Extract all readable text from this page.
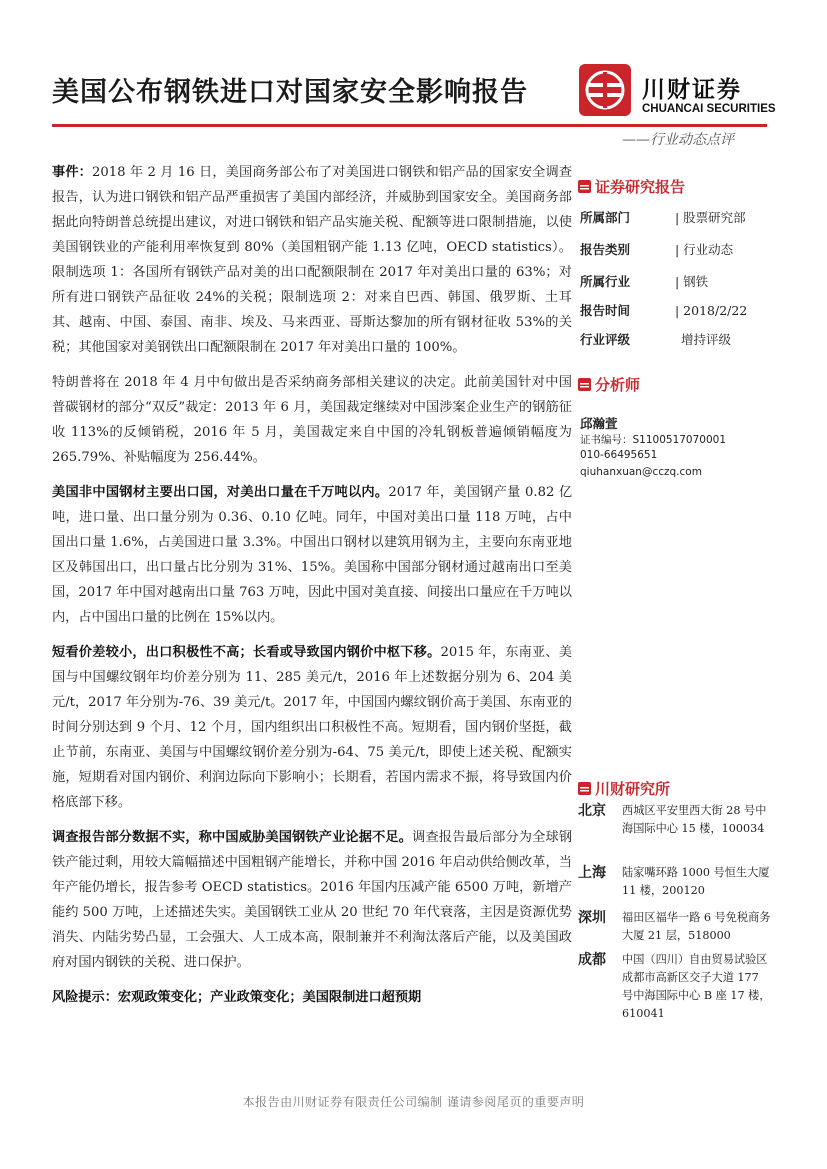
美国公布钢铁进口对国家安全影响报告	川财证券
CHUANCAI SECURITIES
——行业动态点评

事件：2018 年 2 月 16 日，美国商务部公布了对美国进口钢铁和铝产品的国家安全调查报告，认为进口钢铁和铝产品严重损害了美国内部经济，并威胁到国家安全。美国商务部据此向特朗普总统提出建议，对进口钢铁和铝产品实施关税、配额等进口限制措施，以使美国钢铁业的产能利用率恢复到 80%（美国粗钢产能 1.13 亿吨，OECD statistics）。限制选项 1：各国所有钢铁产品对美的出口配额限制在 2017 年对美出口量的 63%；对所有进口钢铁产品征收 24%的关税；限制选项 2：对来自巴西、韩国、俄罗斯、土耳其、越南、中国、泰国、南非、埃及、马来西亚、哥斯达黎加的所有钢材征收 53%的关税；其他国家对美钢铁出口配额限制在 2017 年对美出口量的 100%。

特朗普将在 2018 年 4 月中旬做出是否采纳商务部相关建议的决定。此前美国针对中国普碳钢材的部分“双反”裁定：2013 年 6 月，美国裁定继续对中国涉案企业生产的钢筋征收 113%的反倾销税，2016 年 5 月，美国裁定来自中国的冷轧钢板普遍倾销幅度为 265.79%、补贴幅度为 256.44%。

美国非中国钢材主要出口国，对美出口量在千万吨以内。2017 年，美国钢产量 0.82 亿吨，进口量、出口量分别为 0.36、0.10 亿吨。同年，中国对美出口量 118 万吨，占中国出口量 1.6%，占美国进口量 3.3%。中国出口钢材以建筑用钢为主，主要向东南亚地区及韩国出口，出口量占比分别为 31%、15%。美国称中国部分钢材通过越南出口至美国，2017 年中国对越南出口量 763 万吨，因此中国对美直接、间接出口量应在千万吨以内，占中国出口量的比例在 15%以内。

短看价差较小，出口积极性不高；长看或导致国内钢价中枢下移。2015 年，东南亚、美国与中国螺纹钢年均价差分别为 11、285 美元/t，2016 年上述数据分别为 6、204 美元/t，2017 年分别为-76、39 美元/t。2017 年，中国国内螺纹钢价高于美国、东南亚的时间分别达到 9 个月、12 个月，国内组织出口积极性不高。短期看，国内钢价坚挺，截止节前，东南亚、美国与中国螺纹钢价差分别为-64、75 美元/t，即使上述关税、配额实施，短期看对国内钢价、利润边际向下影响小；长期看，若国内需求不振，将导致国内价格底部下移。

调查报告部分数据不实，称中国威胁美国钢铁产业论据不足。调查报告最后部分为全球钢铁产能过剩，用较大篇幅描述中国粗钢产能增长，并称中国 2016 年启动供给侧改革，当年产能仍增长，报告参考 OECD statistics。2016 年国内压减产能 6500 万吨，新增产能约 500 万吨，上述描述失实。美国钢铁工业从 20 世纪 70 年代衰落，主因是资源优势消失、内陆劣势凸显，工会强大、人工成本高，限制兼并不利淘汰落后产能，以及美国政府对国内钢铁的关税、进口保护。

风险提示：宏观政策变化；产业政策变化；美国限制进口超预期

证券研究报告
所属部门	| 股票研究部
报告类别	| 行业动态
所属行业	| 钢铁
报告时间	| 2018/2/22
行业评级	增持评级
分析师
邱瀚萱
证书编号：S1100517070001
010-66495651
qiuhanxuan@cczq.com
川财研究所
北京 西城区平安里西大街 28 号中海国际中心 15 楼，100034
上海 陆家嘴环路 1000 号恒生大厦 11 楼，200120
深圳 福田区福华一路 6 号免税商务大厦 21 层，518000
成都 中国（四川）自由贸易试验区成都市高新区交子大道 177 号中海国际中心 B 座 17 楼，610041
本报告由川财证券有限责任公司编制 谨请参阅尾页的重要声明
